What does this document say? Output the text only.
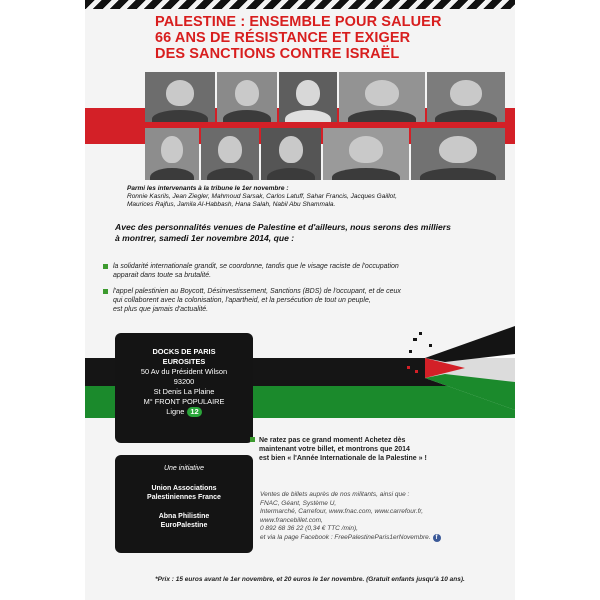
PALESTINE : ENSEMBLE POUR SALUER
66 ANS DE RÉSISTANCE ET EXIGER
DES SANCTIONS CONTRE ISRAËL
Parmi les intervenants à la tribune le 1er novembre :
Ronnie Kasrils, Jean Ziegler, Mahmoud Sarsak, Carlos Latuff, Sahar Francis, Jacques Gaillot,
Maurices Rajfus, Jamila Al-Habbash, Hana Salah, Nabil Abu Shammala.
Avec des personnalités venues de Palestine et d'ailleurs, nous serons des milliers
à montrer, samedi 1er novembre 2014, que :
la solidarité internationale grandit, se coordonne, tandis que le visage raciste de l'occupation
apparait dans toute sa brutalité.
l'appel palestinien au Boycott, Désinvestissement, Sanctions (BDS) de l'occupant, et de ceux
qui collaborent avec la colonisation, l'apartheid, et la persécution de tout un peuple,
est plus que jamais d'actualité.
DOCKS DE PARIS
EUROSITES
50 Av du Président Wilson
93200
St Denis La Plaine
M° FRONT POPULAIRE
Ligne 12
Une initiative
Union Associations
Palestiniennes France
Abna Philistine
EuroPalestine
Ne ratez pas ce grand moment! Achetez dès
maintenant votre billet, et montrons que 2014
est bien « l'Année Internationale de la Palestine » !
Ventes de billets auprès de nos militants, ainsi que :
FNAC, Géant, Système U,
Intermarché, Carrefour, www.fnac.com, www.carrefour.fr,
www.francebillet.com,
0 892 68 36 22 (0,34 € TTC /min),
et via la page Facebook : FreePalestineParis1erNovembre. f
*Prix : 15 euros avant le 1er novembre, et 20 euros le 1er novembre. (Gratuit enfants jusqu'à 10 ans).
